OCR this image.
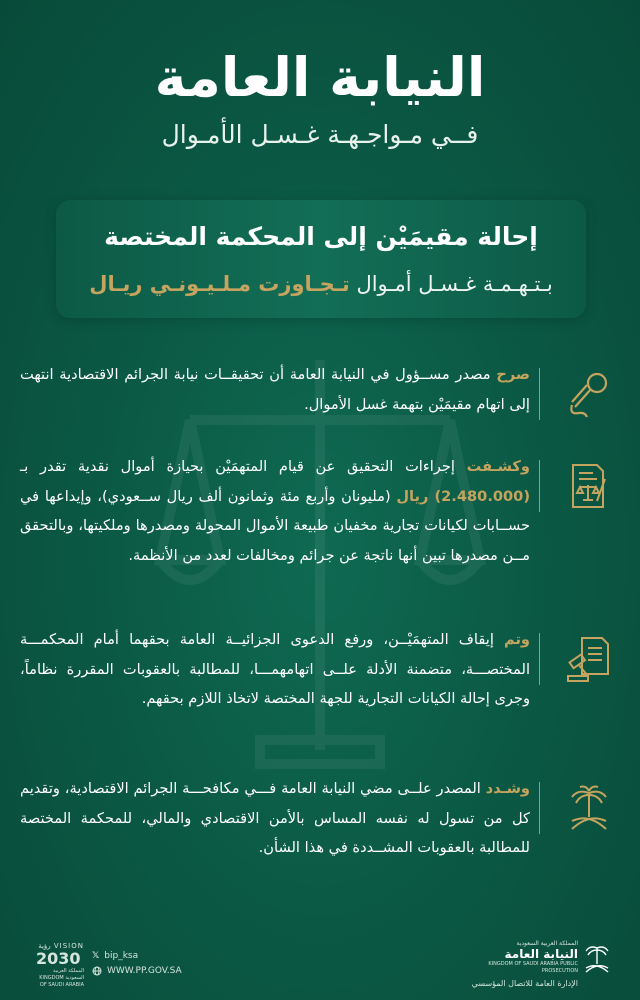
النيابة العامة
فــي مـواجـهـة غـسـل الأمـوال
إحالة مقيمَيْن إلى المحكمة المختصة
بـتـهـمـة غـسـل أمـوال تـجـاوزت مـلـيـونـي ريـال
صرح مصدر مســؤول في النيابة العامة أن تحقيقــات نيابة الجرائم الاقتصادية انتهت إلى اتهام مقيمَيْن بتهمة غسل الأموال.
وكشـفت إجراءات التحقيق عن قيام المتهمَيْن بحيازة أموال نقدية تقدر بـ (2.480.000) ريال (مليونان وأربع مئة وثمانون ألف ريال ســعودي)، وإيداعها في حســابات لكيانات تجارية مخفيان طبيعة الأموال المحولة ومصدرها وملكيتها، وبالتحقق مــن مصدرها تبين أنها ناتجة عن جرائم ومخالفات لعدد من الأنظمة.
وتم إيقاف المتهمَيْــن، ورفع الدعوى الجزائيــة العامة بحقهما أمام المحكمـــة المختصـــة، متضمنة الأدلة علــى اتهامهمـــا، للمطالبة بالعقوبات المقررة نظاماً، وجرى إحالة الكيانات التجارية للجهة المختصة لاتخاذ اللازم بحقهم.
وشـدد المصدر علــى مضي النيابة العامة فـــي مكافحـــة الجرائم الاقتصادية، وتقديم كل من تسول له نفسه المساس بالأمن الاقتصادي والمالي، للمحكمة المختصة للمطالبة بالعقوبات المشــددة في هذا الشأن.
VISION رؤية
2030
المملكة العربية السعودية KINGDOM OF SAUDI ARABIA
𝕏 bip_ksa
WWW.PP.GOV.SA
المملكة العربية السعودية
النيابة العامة
KINGDOM OF SAUDI ARABIA PUBLIC PROSECUTION
الإدارة العامة للاتصال المؤسسي
